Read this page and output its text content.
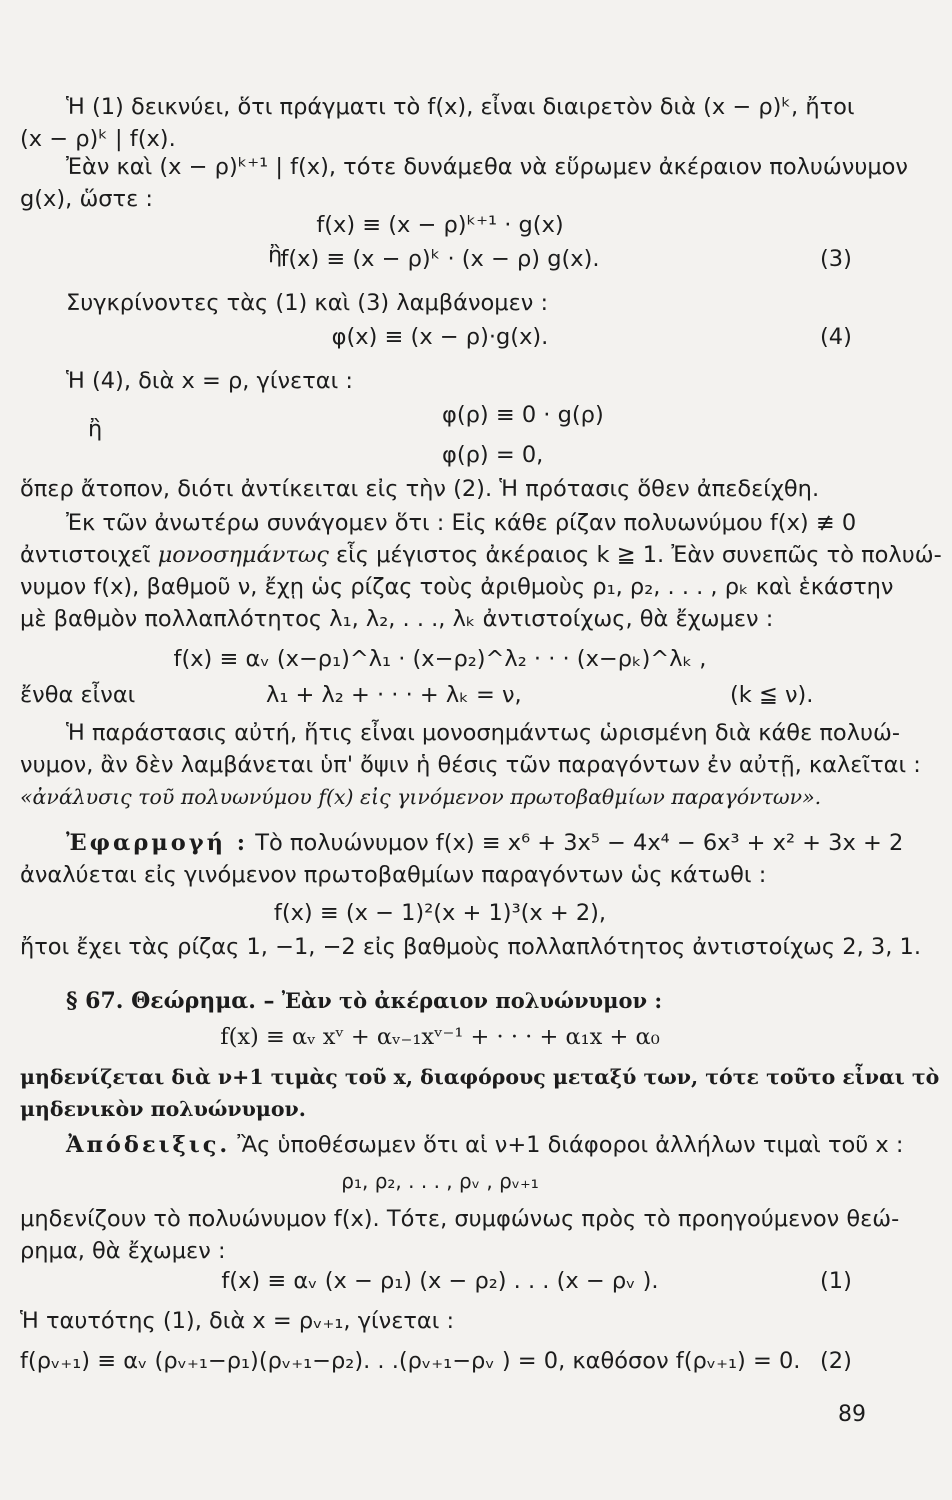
Ἡ (1) δεικνύει, ὅτι πράγματι τὸ f(x), εἶναι διαιρετὸν διὰ (x − ρ)ᵏ, ἤτοι
(x − ρ)ᵏ | f(x).
Ἐὰν καὶ (x − ρ)ᵏ⁺¹ | f(x), τότε δυνάμεθα νὰ εὕρωμεν ἀκέραιον πολυώνυμον
g(x), ὥστε :
f(x) ≡ (x − ρ)ᵏ⁺¹ · g(x)
ἢ
f(x) ≡ (x − ρ)ᵏ · (x − ρ) g(x).	(3)
Συγκρίνοντες τὰς (1) καὶ (3) λαμβάνομεν :
φ(x) ≡ (x − ρ)·g(x).	(4)
Ἡ (4), διὰ x = ρ, γίνεται :
φ(ρ) ≡ 0 · g(ρ)
ἢ
φ(ρ) = 0,
ὅπερ ἄτοπον, διότι ἀντίκειται εἰς τὴν (2). Ἡ πρότασις ὅθεν ἀπεδείχθη.
Ἐκ τῶν ἀνωτέρω συνάγομεν ὅτι : Εἰς κάθε ρίζαν πολυωνύμου f(x) ≢ 0
ἀντιστοιχεῖ μονοσημάντως εἷς μέγιστος ἀκέραιος k ≧ 1. Ἐὰν συνεπῶς τὸ πολυώ-
νυμον f(x), βαθμοῦ ν, ἔχῃ ὡς ρίζας τοὺς ἀριθμοὺς ρ₁, ρ₂, . . . , ρₖ καὶ ἑκάστην
μὲ βαθμὸν πολλαπλότητος λ₁, λ₂, . . ., λₖ ἀντιστοίχως, θὰ ἔχωμεν :
f(x) ≡ αᵥ (x−ρ₁)^λ₁ · (x−ρ₂)^λ₂ · · · (x−ρₖ)^λₖ ,
ἔνθα εἶναι	λ₁ + λ₂ + · · · + λₖ = ν,	(k ≦ ν).
Ἡ παράστασις αὐτή, ἥτις εἶναι μονοσημάντως ὡρισμένη διὰ κάθε πολυώ-
νυμον, ἂν δὲν λαμβάνεται ὑπ' ὄψιν ἡ θέσις τῶν παραγόντων ἐν αὐτῇ, καλεῖται :
«ἀνάλυσις τοῦ πολυωνύμου f(x) εἰς γινόμενον πρωτοβαθμίων παραγόντων».
Ἐφαρμογή : Τὸ πολυώνυμον f(x) ≡ x⁶ + 3x⁵ − 4x⁴ − 6x³ + x² + 3x + 2
ἀναλύεται εἰς γινόμενον πρωτοβαθμίων παραγόντων ὡς κάτωθι :
f(x) ≡ (x − 1)²(x + 1)³(x + 2),
ἤτοι ἔχει τὰς ρίζας 1, −1, −2 εἰς βαθμοὺς πολλαπλότητος ἀντιστοίχως 2, 3, 1.
§ 67. Θεώρημα. – Ἐὰν τὸ ἀκέραιον πολυώνυμον :
f(x) ≡ αᵥ xᵛ + αᵥ₋₁xᵛ⁻¹ + · · · + α₁x + α₀
μηδενίζεται διὰ ν+1 τιμὰς τοῦ x, διαφόρους μεταξύ των, τότε τοῦτο εἶναι τὸ
μηδενικὸν πολυώνυμον.
Ἀπόδειξις. Ἂς ὑποθέσωμεν ὅτι αἱ ν+1 διάφοροι ἀλλήλων τιμαὶ τοῦ x :
ρ₁, ρ₂, . . . , ρᵥ , ρᵥ₊₁
μηδενίζουν τὸ πολυώνυμον f(x). Τότε, συμφώνως πρὸς τὸ προηγούμενον θεώ-
ρημα, θὰ ἔχωμεν :
f(x) ≡ αᵥ (x − ρ₁) (x − ρ₂) . . . (x − ρᵥ ).	(1)
Ἡ ταυτότης (1), διὰ x = ρᵥ₊₁, γίνεται :
f(ρᵥ₊₁) ≡ αᵥ (ρᵥ₊₁−ρ₁)(ρᵥ₊₁−ρ₂). . .(ρᵥ₊₁−ρᵥ ) = 0, καθόσον f(ρᵥ₊₁) = 0. (2)
89
